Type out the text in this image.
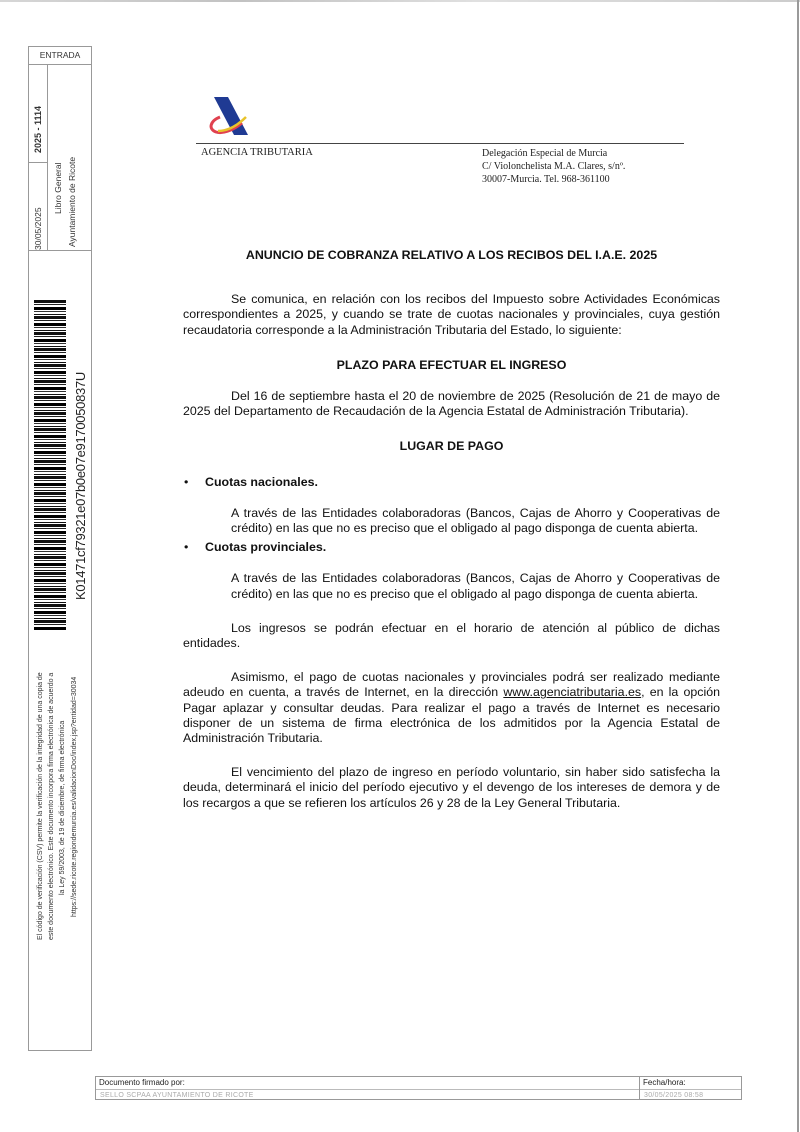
ENTRADA
2025 - 1114
30/05/2025
Libro General Ayuntamiento de Ricote
K01471cf79321e07b0e07e9170050837U
El código de verificación (CSV) permite la verificación de la integridad de una copia de este documento electrónico. Este documento incorpora firma electrónica de acuerdo a la Ley 59/2003, de 19 de diciembre, de firma electrónica https://sede.ricote.regiondemurcia.es/validacionDoc/index.jsp?entidad=30034
AGENCIA TRIBUTARIA	Delegación Especial de Murcia
C/ Violonchelista M.A. Clares, s/nº.
30007-Murcia. Tel. 968-361100
ANUNCIO DE COBRANZA RELATIVO A LOS RECIBOS DEL I.A.E. 2025

Se comunica, en relación con los recibos del Impuesto sobre Actividades Económicas correspondientes a 2025, y cuando se trate de cuotas nacionales y provinciales, cuya gestión recaudatoria corresponde a la Administración Tributaria del Estado, lo siguiente:

PLAZO PARA EFECTUAR EL INGRESO

Del 16 de septiembre hasta el 20 de noviembre de 2025 (Resolución de 21 de mayo de 2025 del Departamento de Recaudación de la Agencia Estatal de Administración Tributaria).

LUGAR DE PAGO
• Cuotas nacionales.

A través de las Entidades colaboradoras (Bancos, Cajas de Ahorro y Cooperativas de crédito) en las que no es preciso que el obligado al pago disponga de cuenta abierta.

• Cuotas provinciales.

A través de las Entidades colaboradoras (Bancos, Cajas de Ahorro y Cooperativas de crédito) en las que no es preciso que el obligado al pago disponga de cuenta abierta.

Los ingresos se podrán efectuar en el horario de atención al público de dichas entidades.

Asimismo, el pago de cuotas nacionales y provinciales podrá ser realizado mediante adeudo en cuenta, a través de Internet, en la dirección www.agenciatributaria.es, en la opción Pagar aplazar y consultar deudas. Para realizar el pago a través de Internet es necesario disponer de un sistema de firma electrónica de los admitidos por la Agencia Estatal de Administración Tributaria.

El vencimiento del plazo de ingreso en período voluntario, sin haber sido satisfecha la deuda, determinará el inicio del período ejecutivo y el devengo de los intereses de demora y de los recargos a que se refieren los artículos 26 y 28 de la Ley General Tributaria.

Documento firmado por:
SELLO SCPAA AYUNTAMIENTO DE RICOTE
Fecha/hora:
30/05/2025 08:58
